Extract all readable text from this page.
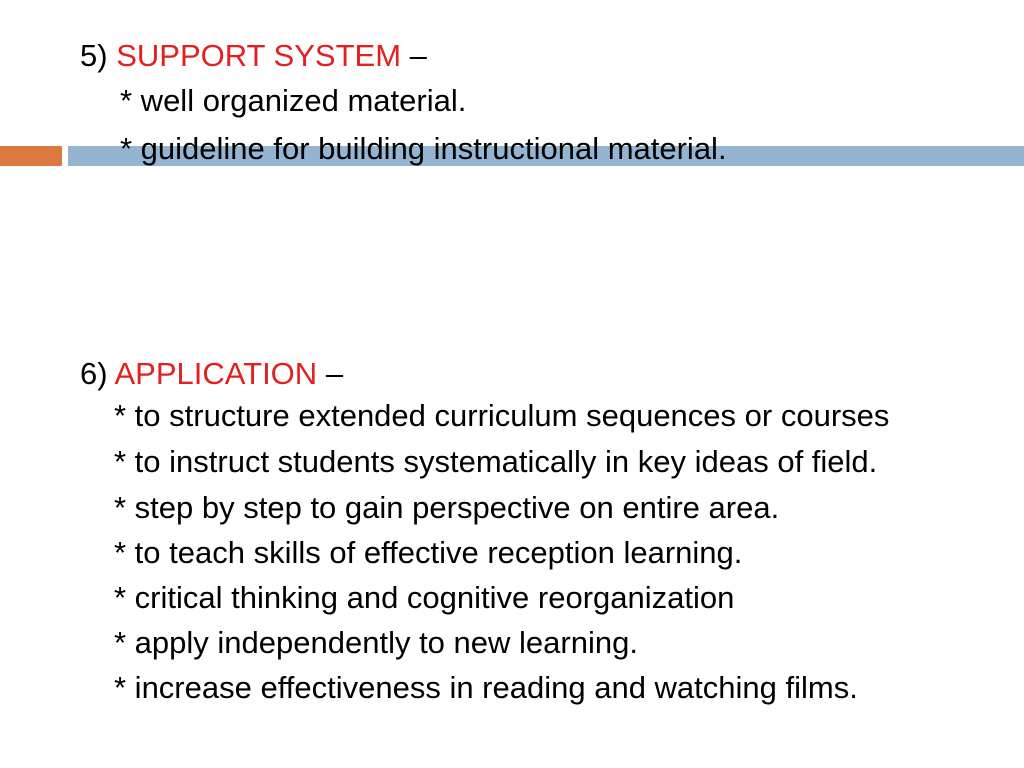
5) SUPPORT SYSTEM –
* well organized material.
* guideline for building instructional material.
6) APPLICATION –
* to structure extended curriculum sequences or courses
* to instruct students systematically in key ideas of field.
* step by step to gain perspective on entire area.
* to teach skills of effective reception learning.
* critical thinking and cognitive reorganization
* apply independently to new learning.
* increase effectiveness in reading and watching films.
